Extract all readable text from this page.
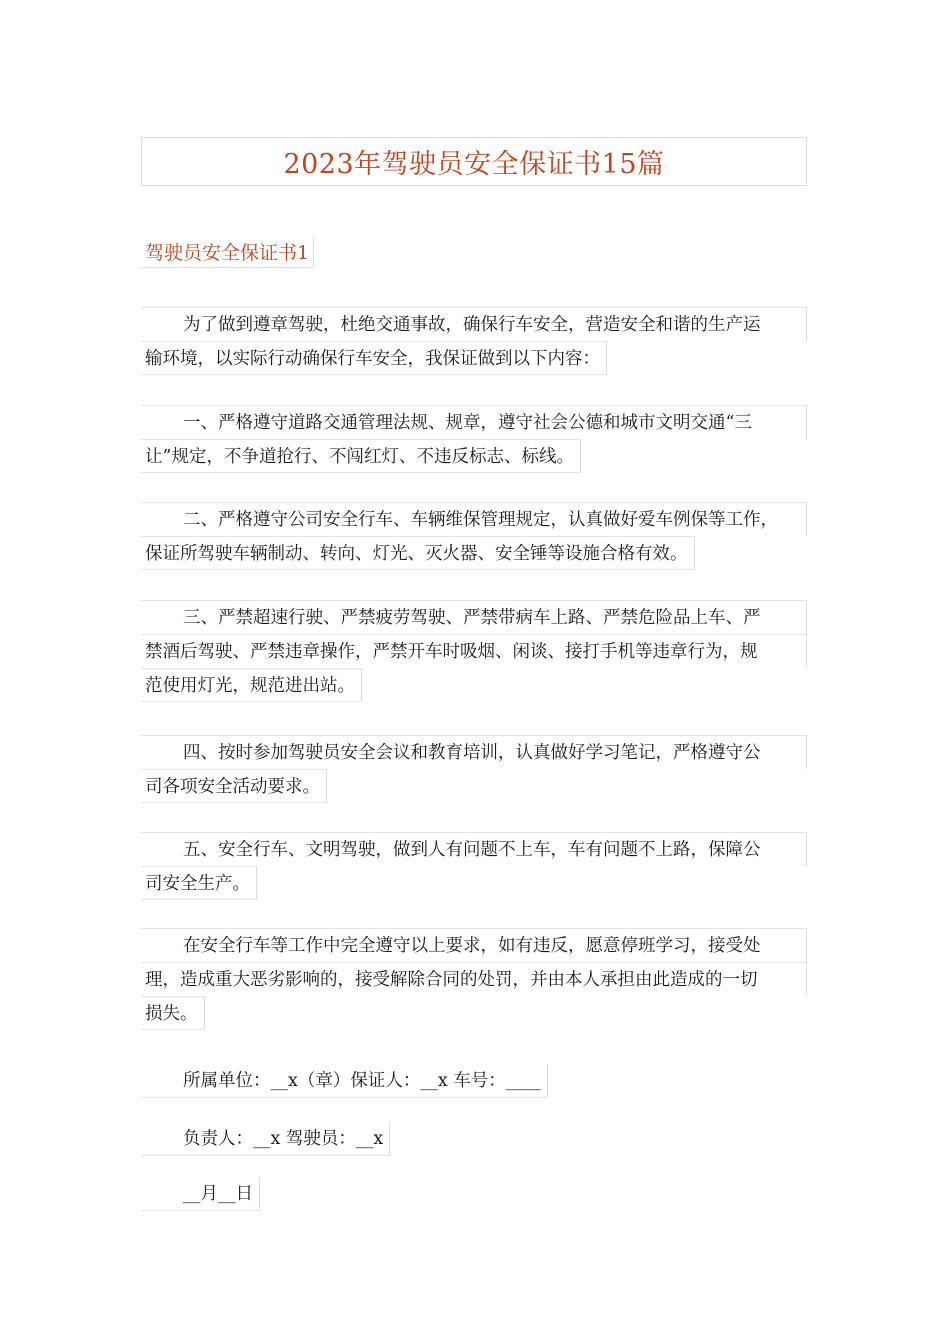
2023年驾驶员安全保证书15篇
驾驶员安全保证书1
为了做到遵章驾驶，杜绝交通事故，确保行车安全，营造安全和谐的生产运
输环境，以实际行动确保行车安全，我保证做到以下内容：
一、严格遵守道路交通管理法规、规章，遵守社会公德和城市文明交通“三
让”规定，不争道抢行、不闯红灯、不违反标志、标线。
二、严格遵守公司安全行车、车辆维保管理规定，认真做好爱车例保等工作，
保证所驾驶车辆制动、转向、灯光、灭火器、安全锤等设施合格有效。
三、严禁超速行驶、严禁疲劳驾驶、严禁带病车上路、严禁危险品上车、严
禁酒后驾驶、严禁违章操作，严禁开车时吸烟、闲谈、接打手机等违章行为，规
范使用灯光，规范进出站。
四、按时参加驾驶员安全会议和教育培训，认真做好学习笔记，严格遵守公
司各项安全活动要求。
五、安全行车、文明驾驶，做到人有问题不上车，车有问题不上路，保障公
司安全生产。
在安全行车等工作中完全遵守以上要求，如有违反，愿意停班学习，接受处
理，造成重大恶劣影响的，接受解除合同的处罚，并由本人承担由此造成的一切
损失。
所属单位：__x（章）保证人：__x 车号：____
负责人：__x 驾驶员：__x
__月__日
